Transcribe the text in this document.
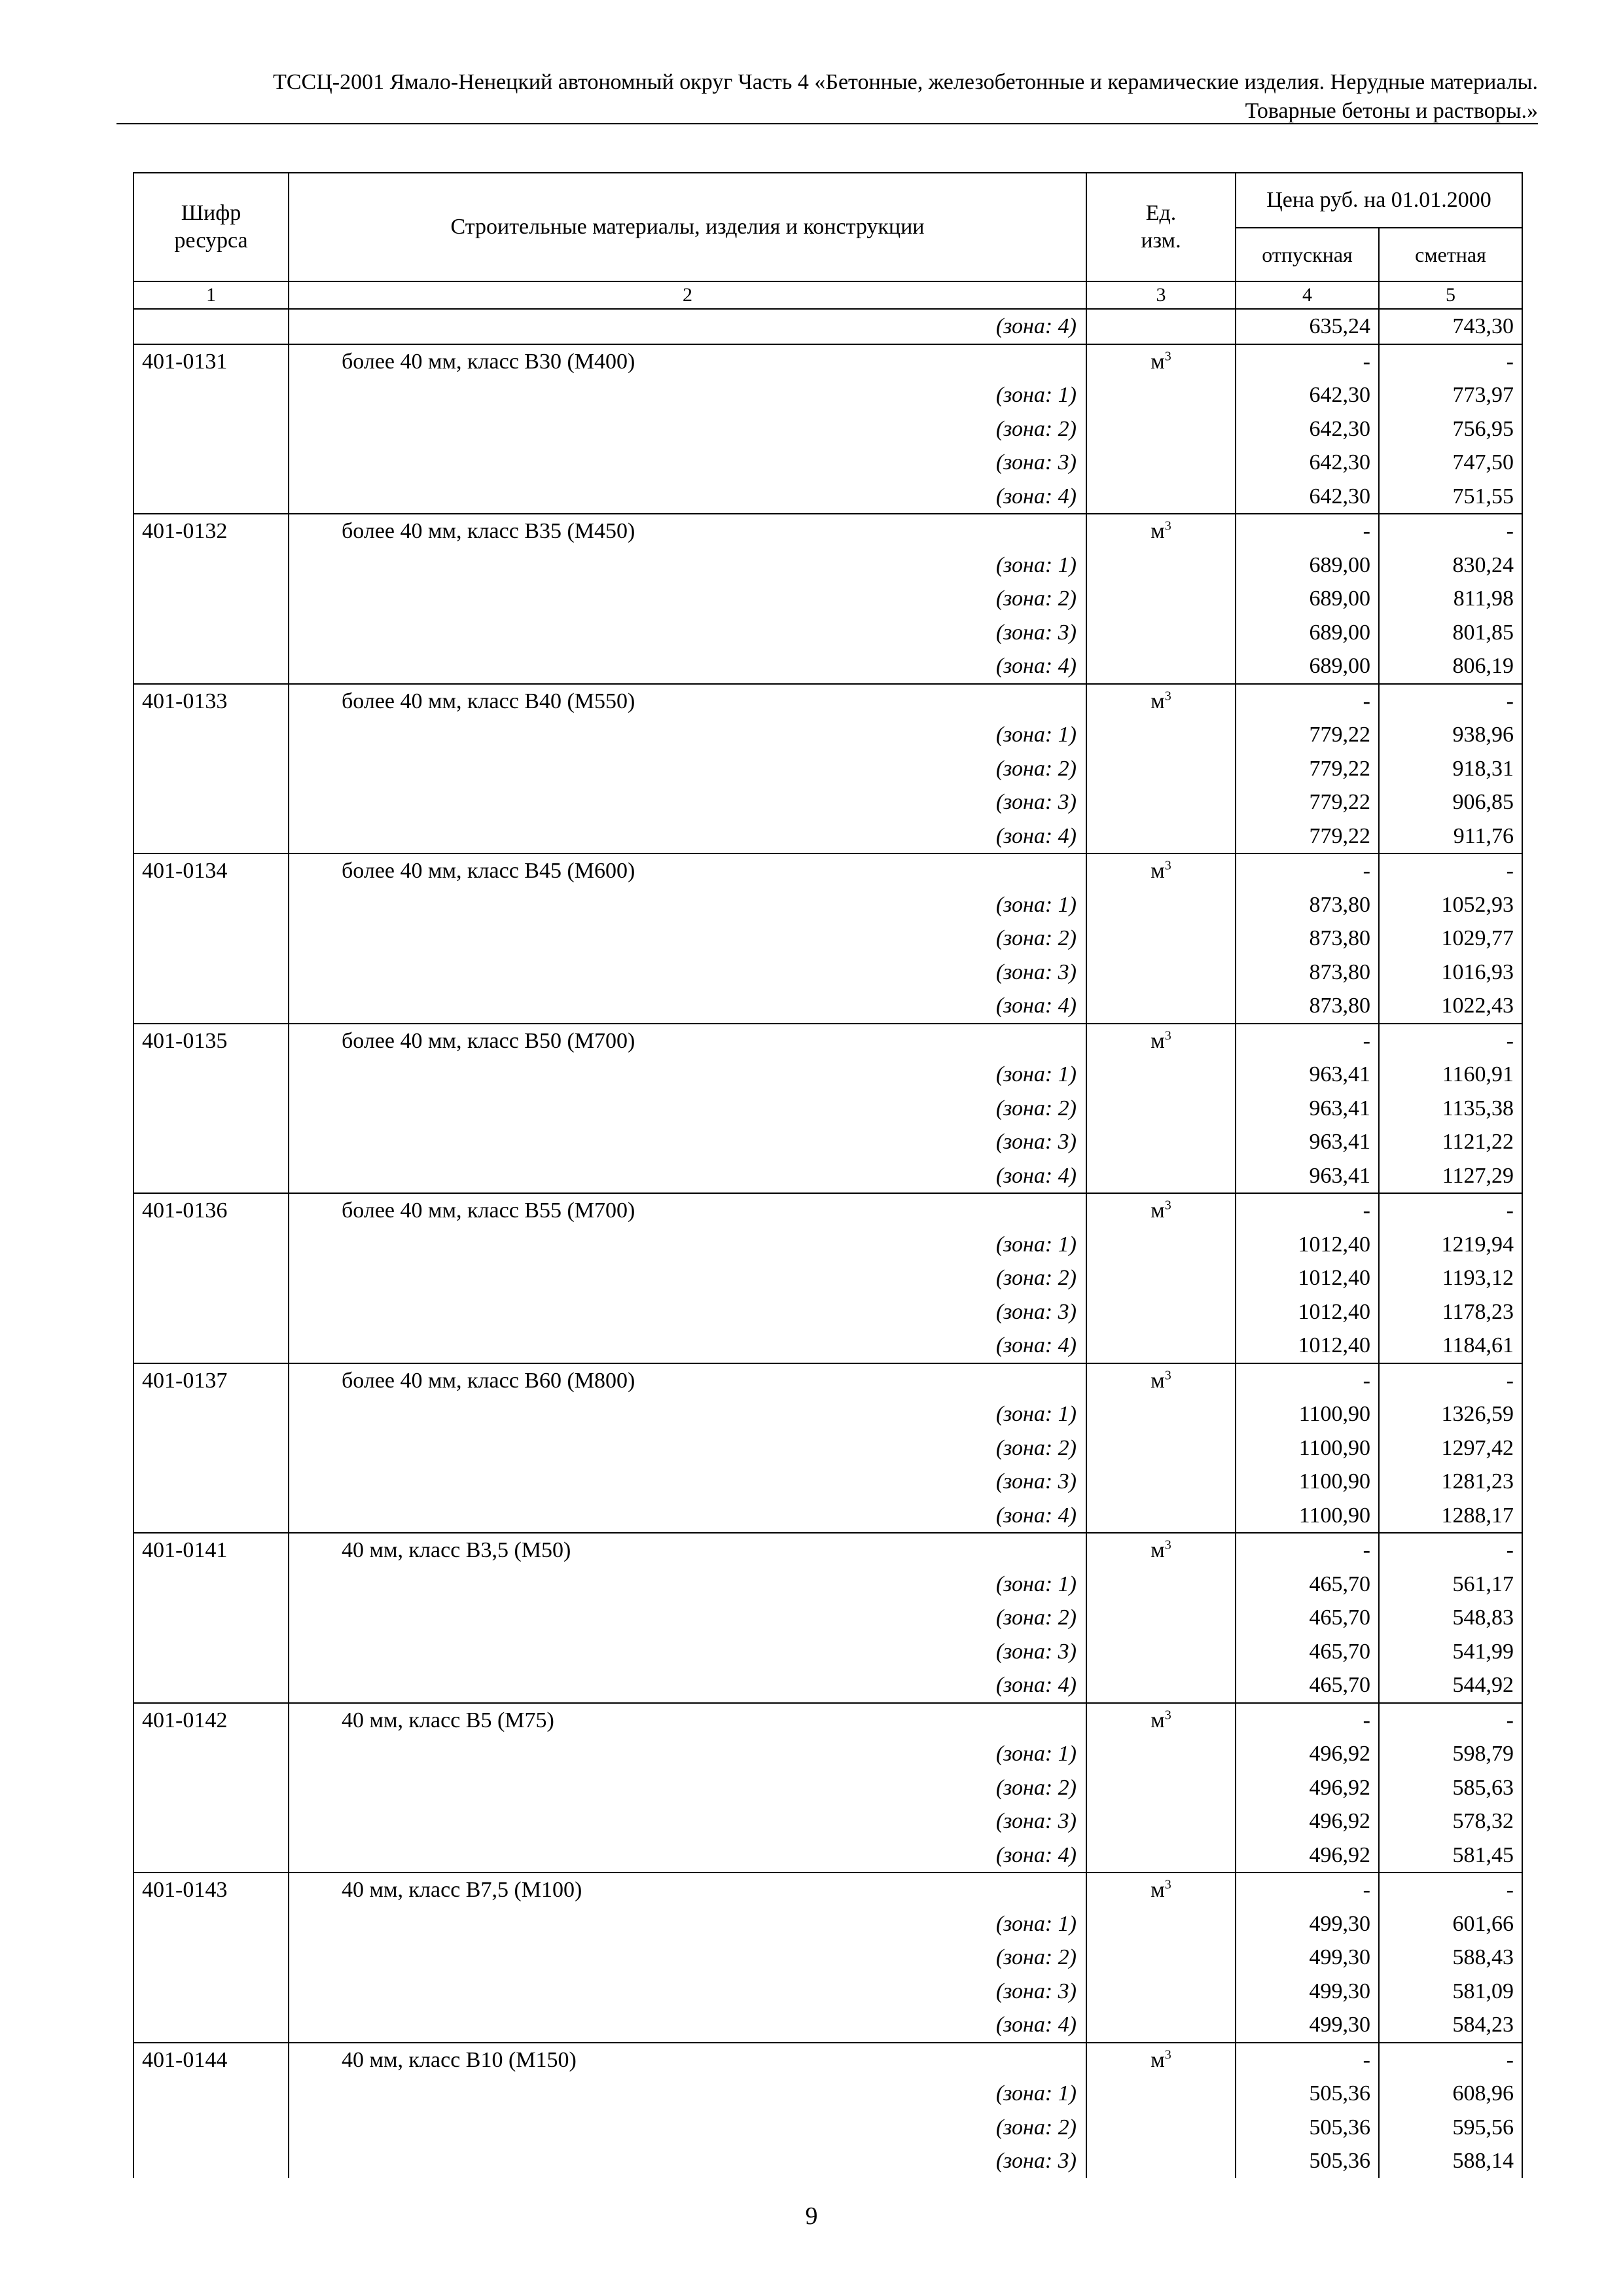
ТССЦ-2001 Ямало-Ненецкий автономный округ Часть 4 «Бетонные, железобетонные и керамические изделия. Нерудные материалы.
Товарные бетоны и растворы.»
Шифр ресурса	Строительные материалы, изделия и конструкции	Ед. изм.	Цена руб. на 01.01.2000	
			отпускная	сметная
1	2	3	4	5
	(зона: 4)		635,24	743,30
401-0131	более 40 мм, класс В30 (М400)	$м^3$	-	-
	(зона: 1)		642,30	773,97
	(зона: 2)		642,30	756,95
	(зона: 3)		642,30	747,50
	(зона: 4)		642,30	751,55
401-0132	более 40 мм, класс В35 (М450)	$м^3$	-	-
	(зона: 1)		689,00	830,24
	(зона: 2)		689,00	811,98
	(зона: 3)		689,00	801,85
	(зона: 4)		689,00	806,19
401-0133	более 40 мм, класс В40 (М550)	$м^3$	-	-
	(зона: 1)		779,22	938,96
	(зона: 2)		779,22	918,31
	(зона: 3)		779,22	906,85
	(зона: 4)		779,22	911,76
401-0134	более 40 мм, класс В45 (М600)	$м^3$	-	-
	(зона: 1)		873,80	1052,93
	(зона: 2)		873,80	1029,77
	(зона: 3)		873,80	1016,93
	(зона: 4)		873,80	1022,43
401-0135	более 40 мм, класс В50 (М700)	$м^3$	-	-
	(зона: 1)		963,41	1160,91
	(зона: 2)		963,41	1135,38
	(зона: 3)		963,41	1121,22
	(зона: 4)		963,41	1127,29
401-0136	более 40 мм, класс В55 (М700)	$м^3$	-	-
	(зона: 1)		1012,40	1219,94
	(зона: 2)		1012,40	1193,12
	(зона: 3)		1012,40	1178,23
	(зона: 4)		1012,40	1184,61
401-0137	более 40 мм, класс В60 (М800)	$м^3$	-	-
	(зона: 1)		1100,90	1326,59
	(зона: 2)		1100,90	1297,42
	(зона: 3)		1100,90	1281,23
	(зона: 4)		1100,90	1288,17
401-0141	40 мм, класс В3,5 (М50)	$м^3$	-	-
	(зона: 1)		465,70	561,17
	(зона: 2)		465,70	548,83
	(зона: 3)		465,70	541,99
	(зона: 4)		465,70	544,92
401-0142	40 мм, класс В5 (М75)	$м^3$	-	-
	(зона: 1)		496,92	598,79
	(зона: 2)		496,92	585,63
	(зона: 3)		496,92	578,32
	(зона: 4)		496,92	581,45
401-0143	40 мм, класс В7,5 (М100)	$м^3$	-	-
	(зона: 1)		499,30	601,66
	(зона: 2)		499,30	588,43
	(зона: 3)		499,30	581,09
	(зона: 4)		499,30	584,23
401-0144	40 мм, класс В10 (М150)	$м^3$	-	-
	(зона: 1)		505,36	608,96
	(зона: 2)		505,36	595,56
	(зона: 3)		505,36	588,14
9
